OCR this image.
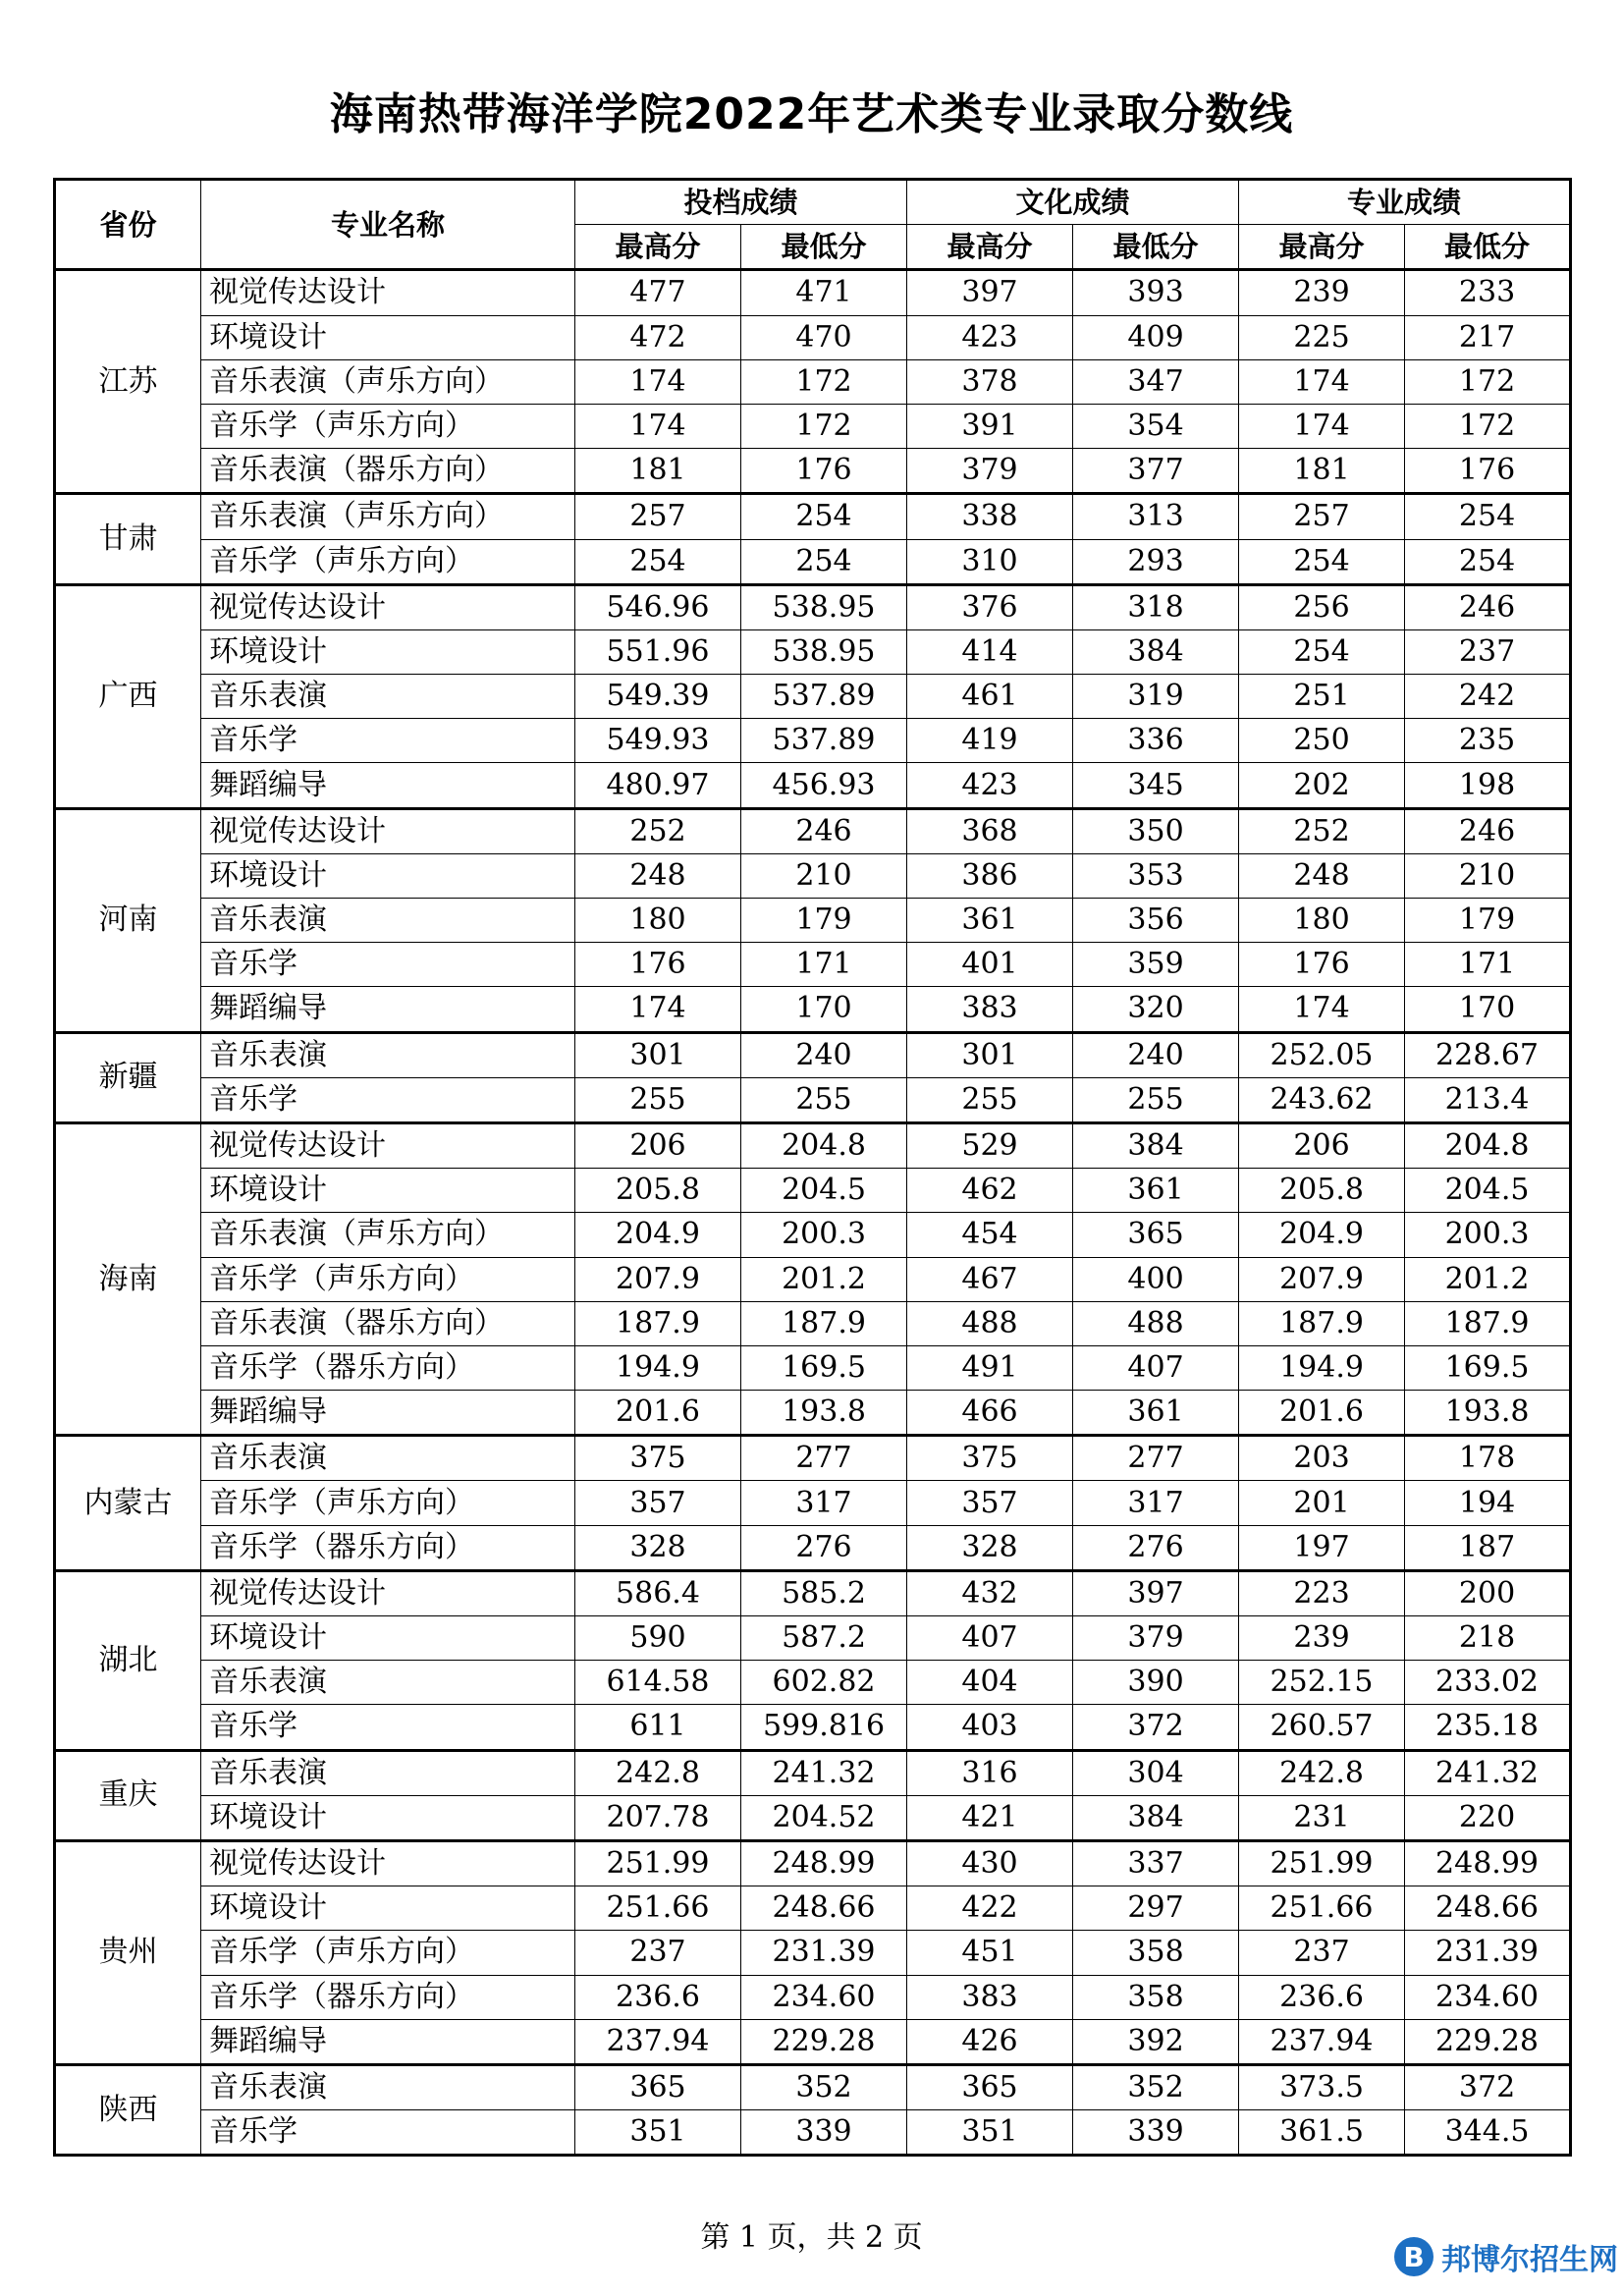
海南热带海洋学院2022年艺术类专业录取分数线
省份	专业名称	投档成绩		文化成绩		专业成绩	
		最高分	最低分	最高分	最低分	最高分	最低分
江苏	视觉传达设计	477	471	397	393	239	233
	环境设计	472	470	423	409	225	217
	音乐表演（声乐方向）	174	172	378	347	174	172
	音乐学（声乐方向）	174	172	391	354	174	172
	音乐表演（器乐方向）	181	176	379	377	181	176
甘肃	音乐表演（声乐方向）	257	254	338	313	257	254
	音乐学（声乐方向）	254	254	310	293	254	254
广西	视觉传达设计	546.96	538.95	376	318	256	246
	环境设计	551.96	538.95	414	384	254	237
	音乐表演	549.39	537.89	461	319	251	242
	音乐学	549.93	537.89	419	336	250	235
	舞蹈编导	480.97	456.93	423	345	202	198
河南	视觉传达设计	252	246	368	350	252	246
	环境设计	248	210	386	353	248	210
	音乐表演	180	179	361	356	180	179
	音乐学	176	171	401	359	176	171
	舞蹈编导	174	170	383	320	174	170
新疆	音乐表演	301	240	301	240	252.05	228.67
	音乐学	255	255	255	255	243.62	213.4
海南	视觉传达设计	206	204.8	529	384	206	204.8
	环境设计	205.8	204.5	462	361	205.8	204.5
	音乐表演（声乐方向）	204.9	200.3	454	365	204.9	200.3
	音乐学（声乐方向）	207.9	201.2	467	400	207.9	201.2
	音乐表演（器乐方向）	187.9	187.9	488	488	187.9	187.9
	音乐学（器乐方向）	194.9	169.5	491	407	194.9	169.5
	舞蹈编导	201.6	193.8	466	361	201.6	193.8
内蒙古	音乐表演	375	277	375	277	203	178
	音乐学（声乐方向）	357	317	357	317	201	194
	音乐学（器乐方向）	328	276	328	276	197	187
湖北	视觉传达设计	586.4	585.2	432	397	223	200
	环境设计	590	587.2	407	379	239	218
	音乐表演	614.58	602.82	404	390	252.15	233.02
	音乐学	611	599.816	403	372	260.57	235.18
重庆	音乐表演	242.8	241.32	316	304	242.8	241.32
	环境设计	207.78	204.52	421	384	231	220
贵州	视觉传达设计	251.99	248.99	430	337	251.99	248.99
	环境设计	251.66	248.66	422	297	251.66	248.66
	音乐学（声乐方向）	237	231.39	451	358	237	231.39
	音乐学（器乐方向）	236.6	234.60	383	358	236.6	234.60
	舞蹈编导	237.94	229.28	426	392	237.94	229.28
陕西	音乐表演	365	352	365	352	373.5	372
	音乐学	351	339	351	339	361.5	344.5
第 1 页，共 2 页
B 邦博尔招生网
